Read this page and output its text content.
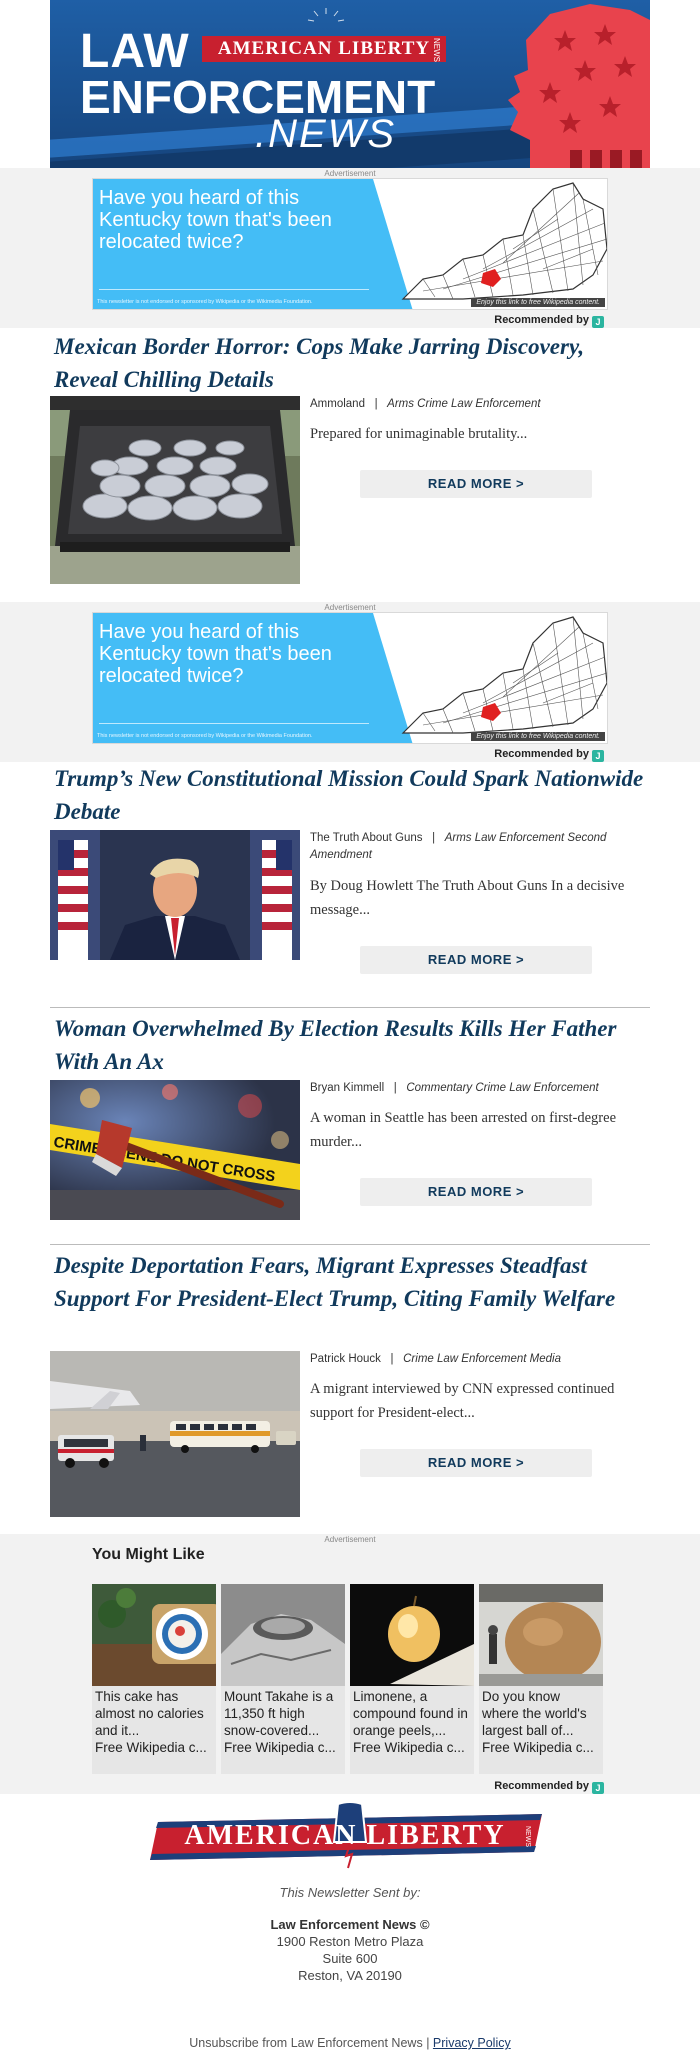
LAW
ENFORCEMENT
.NEWS
AMERICAN LIBERTY NEWS
Advertisement
Have you heard of this Kentucky town that's been relocated twice?
This newsletter is not endorsed or sponsored by Wikipedia or the Wikimedia Foundation.	Enjoy this link to free Wikipedia content.
Recommended by J
Mexican Border Horror: Cops Make Jarring Discovery, Reveal Chilling Details
Ammoland | Arms Crime Law Enforcement
Prepared for unimaginable brutality...
READ MORE >
Advertisement
Have you heard of this Kentucky town that's been relocated twice?
This newsletter is not endorsed or sponsored by Wikipedia or the Wikimedia Foundation.	Enjoy this link to free Wikipedia content.
Recommended by J
Trump’s New Constitutional Mission Could Spark Nationwide Debate
The Truth About Guns | Arms Law Enforcement Second Amendment
By Doug Howlett The Truth About Guns In a decisive message...
READ MORE >
Woman Overwhelmed By Election Results Kills Her Father With An Ax
CRIME SCENE NOT CROSS
Bryan Kimmell | Commentary Crime Law Enforcement
A woman in Seattle has been arrested on first-degree murder...
READ MORE >
Despite Deportation Fears, Migrant Expresses Steadfast Support For President-Elect Trump, Citing Family Welfare
Patrick Houck | Crime Law Enforcement Media
A migrant interviewed by CNN expressed continued support for President-elect...
READ MORE >
Advertisement
You Might Like
This cake has almost no calories and it...
Free Wikipedia c...
Mount Takahe is a 11,350 ft high snow-covered...
Free Wikipedia c...
Limonene, a compound found in orange peels,...
Free Wikipedia c...
Do you know where the world's largest ball of...
Free Wikipedia c...
Recommended by J
AMERICAN LIBERTY	NEWS
This Newsletter Sent by:
Law Enforcement News ©
1900 Reston Metro Plaza
Suite 600
Reston, VA 20190
Unsubscribe from Law Enforcement News | Privacy Policy
